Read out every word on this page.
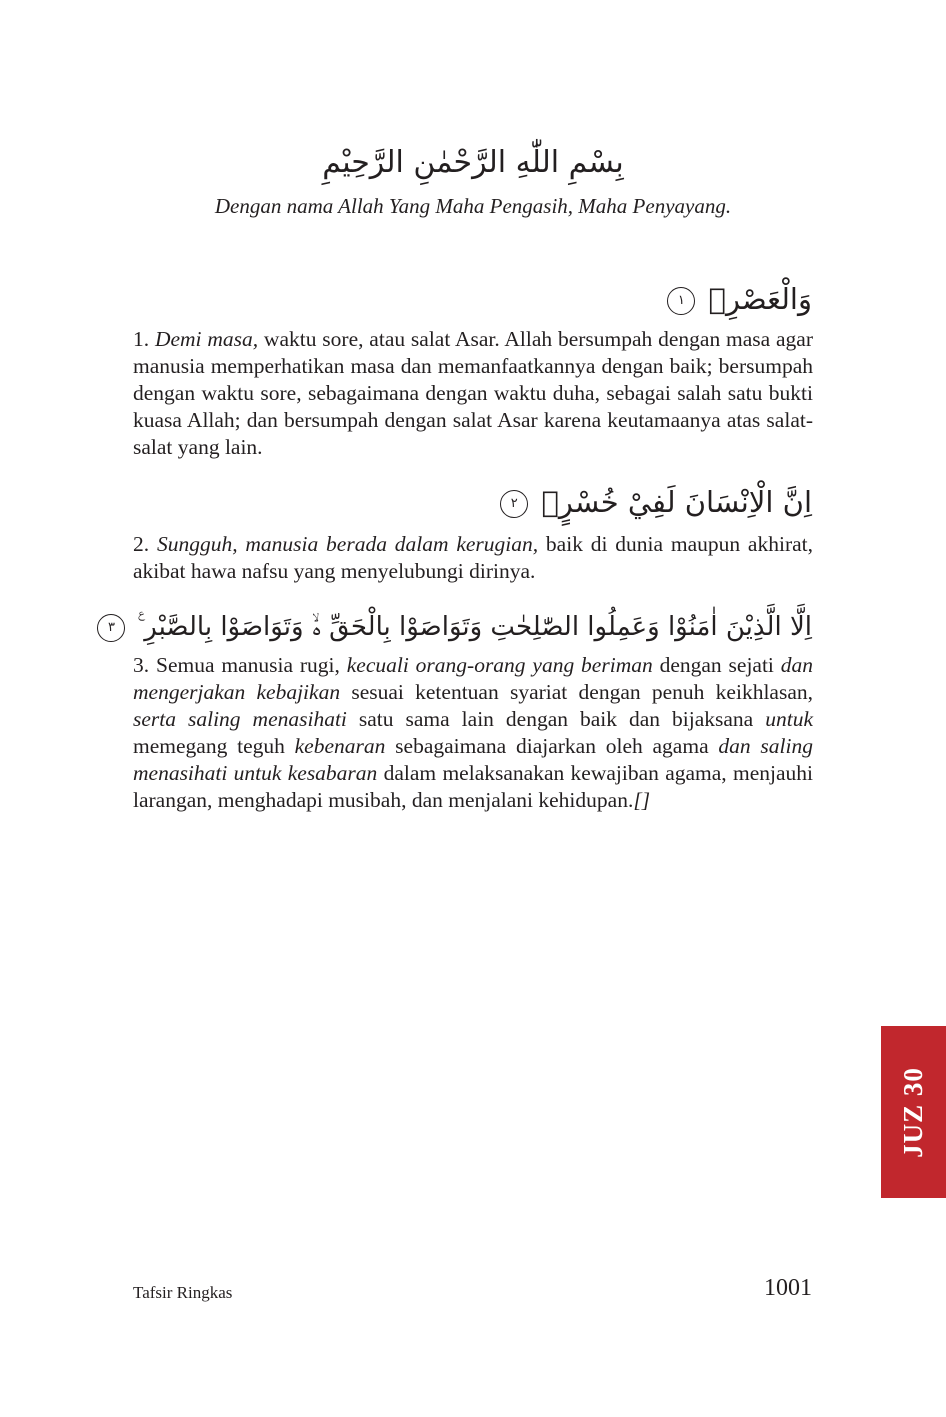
بِسْمِ اللّٰهِ الرَّحْمٰنِ الرَّحِيْمِ
Dengan nama Allah Yang Maha Pengasih, Maha Penyayang.
وَالْعَصْرِۙ ١

1. Demi masa, waktu sore, atau salat Asar. Allah bersumpah dengan masa agar manusia memperhatikan masa dan memanfaatkannya dengan baik; bersumpah dengan waktu sore, sebagaimana dengan waktu duha, sebagai salah satu bukti kuasa Allah; dan bersumpah dengan salat Asar karena keutamaanya atas salat-salat yang lain.

اِنَّ الْاِنْسَانَ لَفِيْ خُسْرٍۙ ٢

2. Sungguh, manusia berada dalam kerugian, baik di dunia maupun akhirat, akibat hawa nafsu yang menyelubungi dirinya.

اِلَّا الَّذِيْنَ اٰمَنُوْا وَعَمِلُوا الصّٰلِحٰتِ وَتَوَاصَوْا بِالْحَقِّ ەۙ وَتَوَاصَوْا بِالصَّبْرِ ࣖ ٣

3. Semua manusia rugi, kecuali orang-orang yang beriman dengan sejati dan mengerjakan kebajikan sesuai ketentuan syariat dengan penuh keikhlasan, serta saling menasihati satu sama lain dengan baik dan bijaksana untuk memegang teguh kebenaran sebagaimana diajarkan oleh agama dan saling menasihati untuk kesabaran dalam melaksanakan kewajiban agama, menjauhi larangan, menghadapi musibah, dan menjalani kehidupan.[]

JUZ 30
Tafsir Ringkas	1001
